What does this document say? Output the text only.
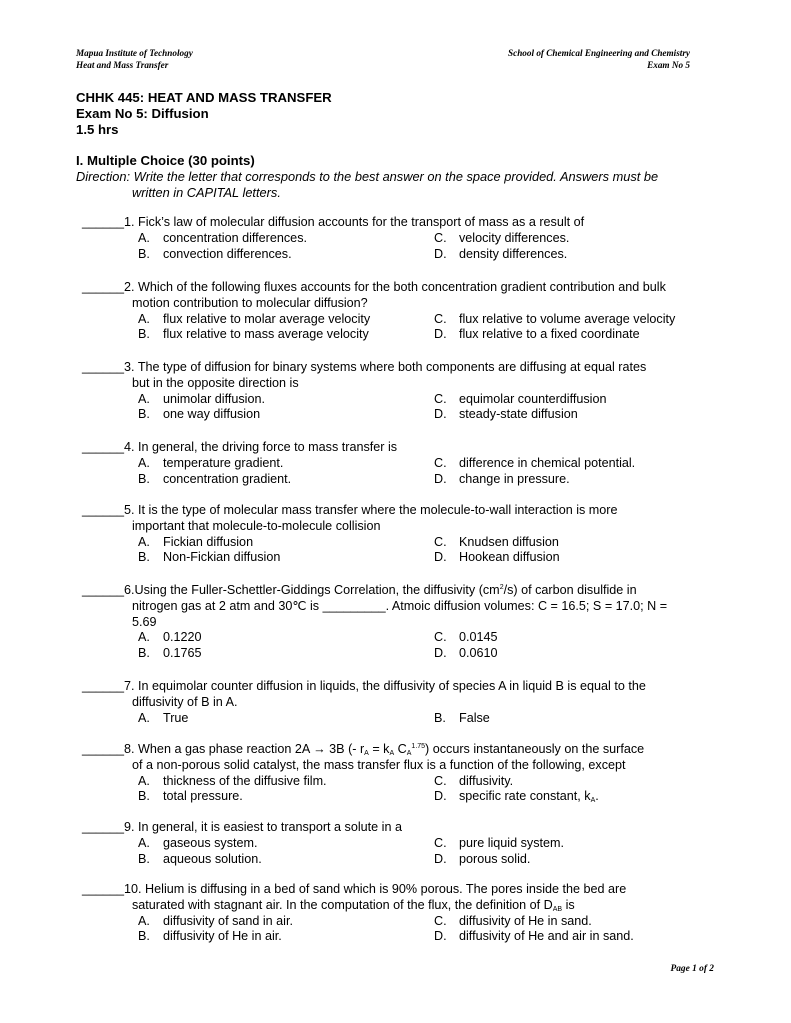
Mapua Institute of Technology
Heat and Mass Transfer
School of Chemical Engineering and Chemistry
Exam No 5
CHHK 445: HEAT AND MASS TRANSFER
Exam No 5: Diffusion
1.5 hrs
I. Multiple Choice (30 points)
Direction: Write the letter that corresponds to the best answer on the space provided. Answers must be
written in CAPITAL letters.
______1. Fick’s law of molecular diffusion accounts for the transport of mass as a result of
A. concentration differences.	C. velocity differences.
B. convection differences.	D. density differences.
______2. Which of the following fluxes accounts for the both concentration gradient contribution and bulk
motion contribution to molecular diffusion?
A. flux relative to molar average velocity	C. flux relative to volume average velocity
B. flux relative to mass average velocity	D. flux relative to a fixed coordinate
______3. The type of diffusion for binary systems where both components are diffusing at equal rates
but in the opposite direction is
A. unimolar diffusion.	C. equimolar counterdiffusion
B. one way diffusion	D. steady-state diffusion
______4. In general, the driving force to mass transfer is
A. temperature gradient.	C. difference in chemical potential.
B. concentration gradient.	D. change in pressure.
______5. It is the type of molecular mass transfer where the molecule-to-wall interaction is more
important that molecule-to-molecule collision
A. Fickian diffusion	C. Knudsen diffusion
B. Non-Fickian diffusion	D. Hookean diffusion
______6.Using the Fuller-Schettler-Giddings Correlation, the diffusivity $(cm^2/s)$ of carbon disulfide in
nitrogen gas at 2 atm and 30℃ is _________. Atmoic diffusion volumes: C = 16.5; S = 17.0; N =
5.69
A. 0.1220	C. 0.0145
B. 0.1765	D. 0.0610
______7. In equimolar counter diffusion in liquids, the diffusivity of species A in liquid B is equal to the
diffusivity of B in A.
A. True	B. False
______8. When a gas phase reaction 2A → 3B (- $r_A = k_A$ $C_A^{1.75}$) occurs instantaneously on the surface
of a non-porous solid catalyst, the mass transfer flux is a function of the following, except
A. thickness of the diffusive film.	C. diffusivity.
B. total pressure.	D. specific rate constant, $k_A$.
______9. In general, it is easiest to transport a solute in a
A. gaseous system.	C. pure liquid system.
B. aqueous solution.	D. porous solid.
______10. Helium is diffusing in a bed of sand which is 90% porous. The pores inside the bed are
saturated with stagnant air. In the computation of the flux, the definition of $D_{AB}$ is
A. diffusivity of sand in air.	C. diffusivity of He in sand.
B. diffusivity of He in air.	D. diffusivity of He and air in sand.
Page 1 of 2
